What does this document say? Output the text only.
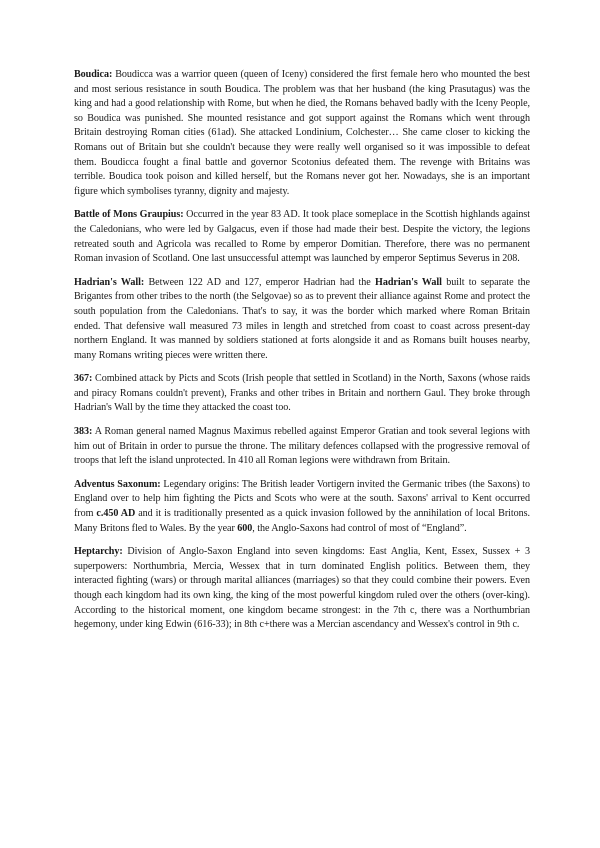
Boudica: Boudicca was a warrior queen (queen of Iceny) considered the first female hero who mounted the best and most serious resistance in south Boudica. The problem was that her husband (the king Prasutagus) was the king and had a good relationship with Rome, but when he died, the Romans behaved badly with the Iceny People, so Boudica was punished. She mounted resistance and got support against the Romans which went through Britain destroying Roman cities (61ad). She attacked Londinium, Colchester… She came closer to kicking the Romans out of Britain but she couldn't because they were really well organised so it was impossible to defeat them. Boudicca fought a final battle and governor Scotonius defeated them. The revenge with Britains was terrible. Boudica took poison and killed herself, but the Romans never got her. Nowadays, she is an important figure which symbolises tyranny, dignity and majesty.

Battle of Mons Graupius: Occurred in the year 83 AD. It took place someplace in the Scottish highlands against the Caledonians, who were led by Galgacus, even if those had made their best. Despite the victory, the legions retreated south and Agricola was recalled to Rome by emperor Domitian. Therefore, there was no permanent Roman invasion of Scotland. One last unsuccessful attempt was launched by emperor Septimus Severus in 208.

Hadrian's Wall: Between 122 AD and 127, emperor Hadrian had the Hadrian's Wall built to separate the Brigantes from other tribes to the north (the Selgovae) so as to prevent their alliance against Rome and protect the south population from the Caledonians. That's to say, it was the border which marked where Roman Britain ended. That defensive wall measured 73 miles in length and stretched from coast to coast across present-day northern England. It was manned by soldiers stationed at forts alongside it and as Romans built houses nearby, many Romans writing pieces were written there.

367: Combined attack by Picts and Scots (Irish people that settled in Scotland) in the North, Saxons (whose raids and piracy Romans couldn't prevent), Franks and other tribes in Britain and northern Gaul. They broke through Hadrian's Wall by the time they attacked the coast too.

383: A Roman general named Magnus Maximus rebelled against Emperor Gratian and took several legions with him out of Britain in order to pursue the throne. The military defences collapsed with the progressive removal of troops that left the island unprotected. In 410 all Roman legions were withdrawn from Britain.

Adventus Saxonum: Legendary origins: The British leader Vortigern invited the Germanic tribes (the Saxons) to England over to help him fighting the Picts and Scots who were at the south. Saxons' arrival to Kent occurred from c.450 AD and it is traditionally presented as a quick invasion followed by the annihilation of local Britons. Many Britons fled to Wales. By the year 600, the Anglo-Saxons had control of most of “England”.

Heptarchy: Division of Anglo-Saxon England into seven kingdoms: East Anglia, Kent, Essex, Sussex + 3 superpowers: Northumbria, Mercia, Wessex that in turn dominated English politics. Between them, they interacted fighting (wars) or through marital alliances (marriages) so that they could combine their powers. Even though each kingdom had its own king, the king of the most powerful kingdom ruled over the others (over-king). According to the historical moment, one kingdom became strongest: in the 7th c, there was a Northumbrian hegemony, under king Edwin (616-33); in 8th c+there was a Mercian ascendancy and Wessex's control in 9th c.
